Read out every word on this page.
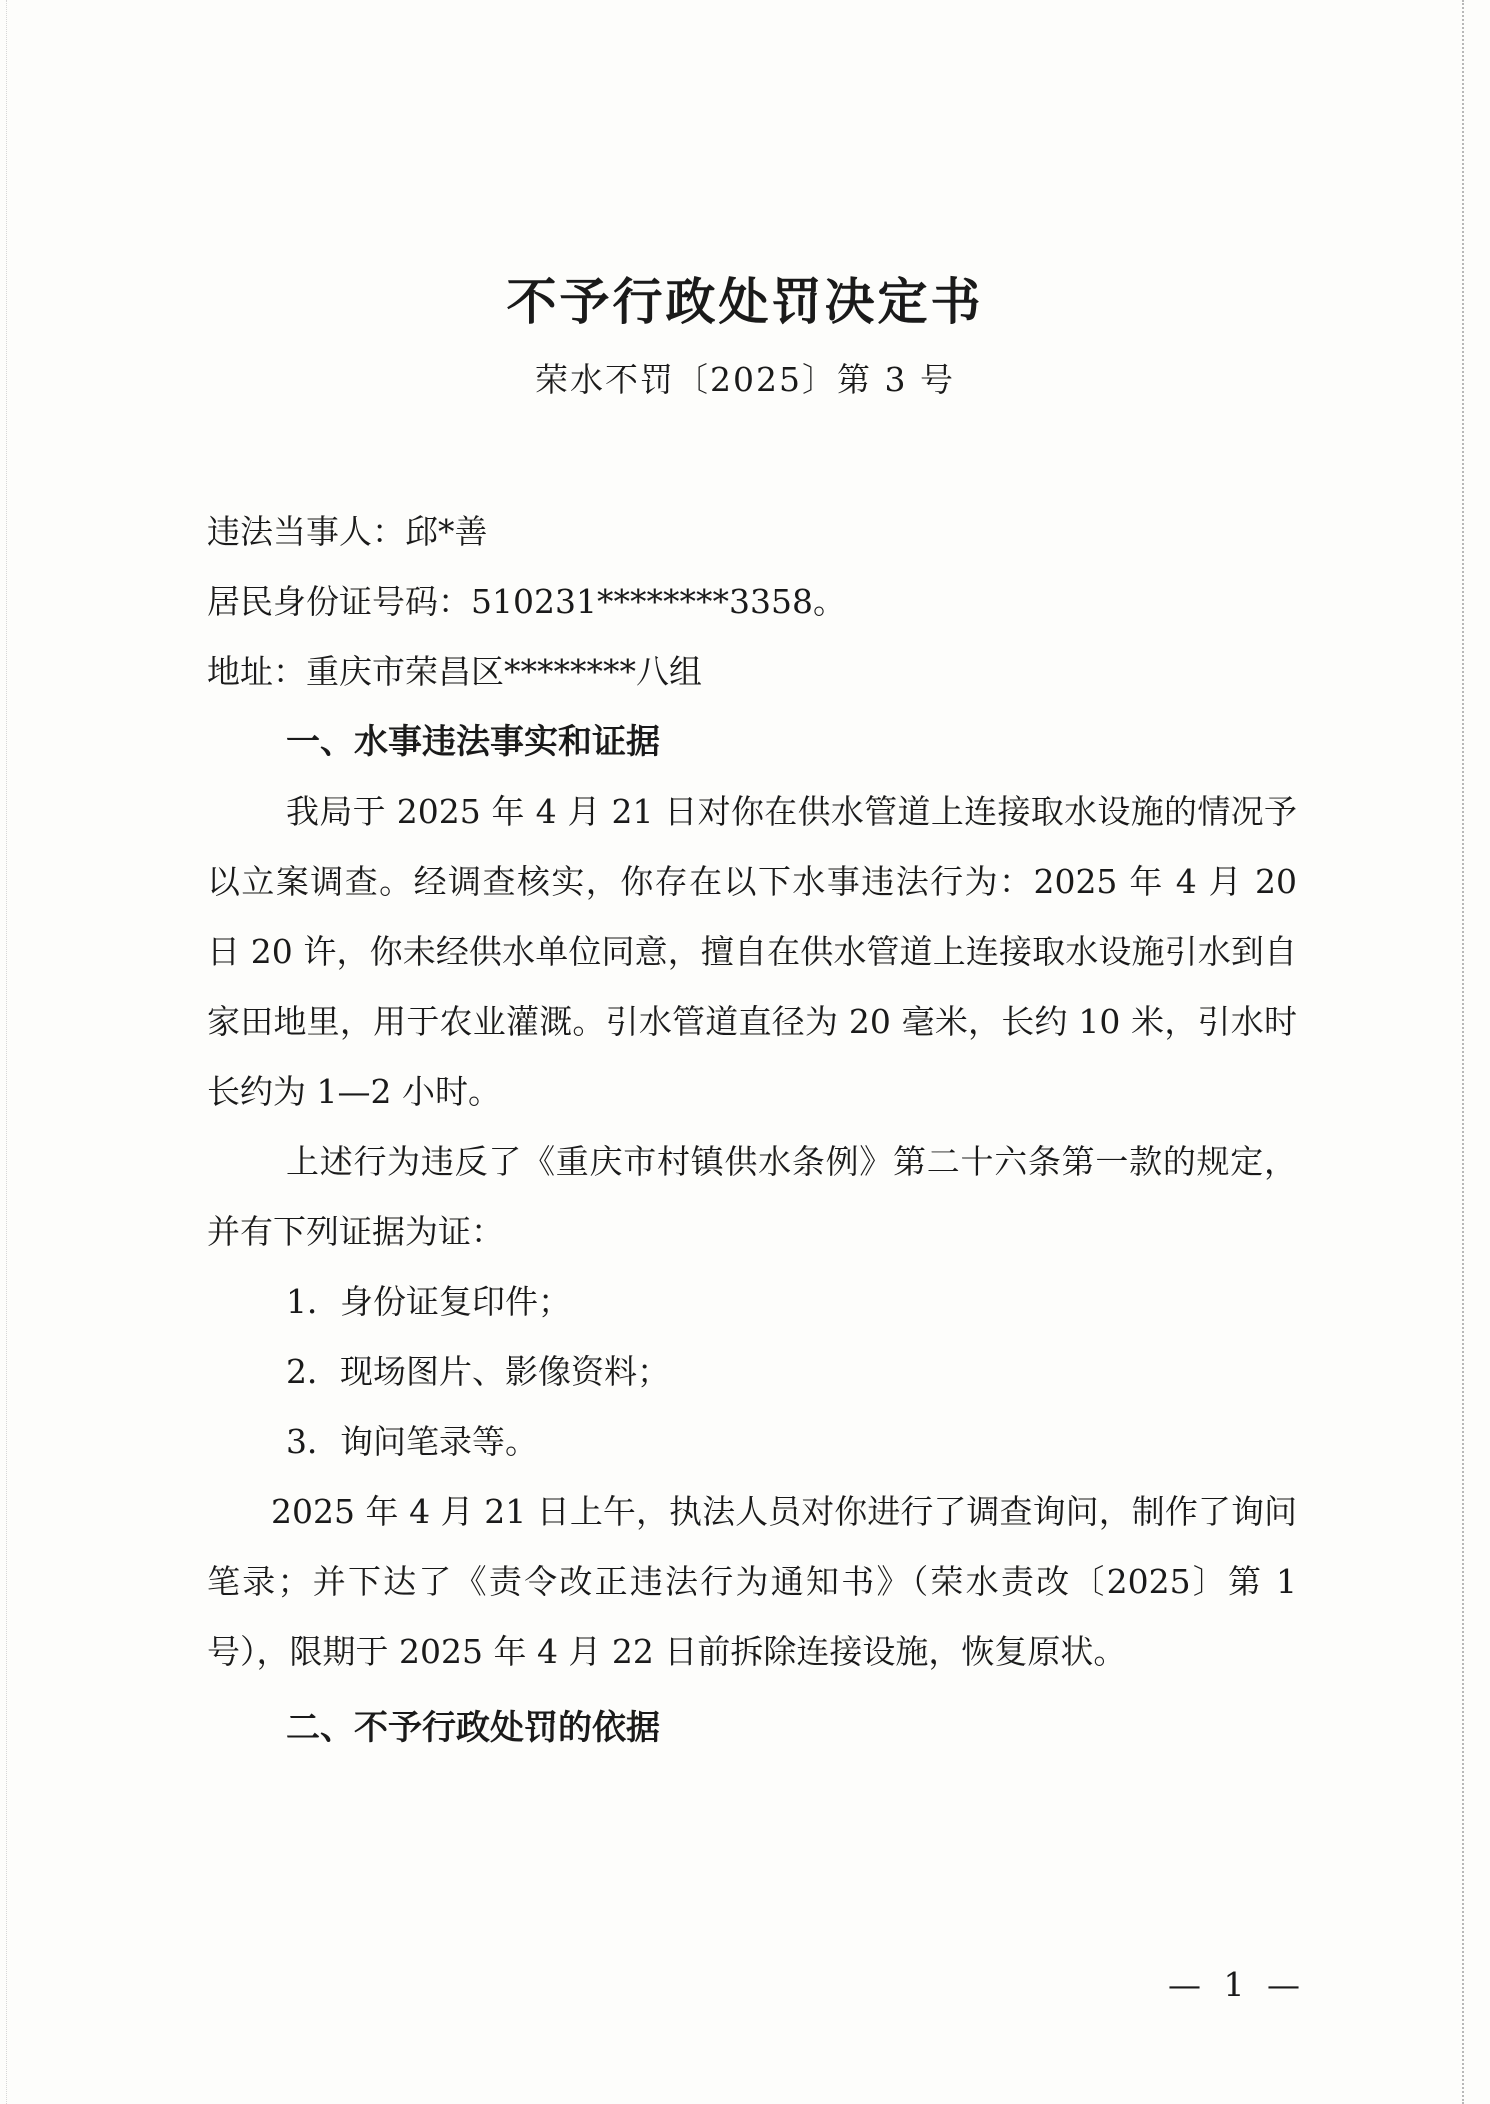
不予行政处罚决定书
荣水不罚〔2025〕第 3 号
违法当事人：邱*善
居民身份证号码：510231********3358。
地址：重庆市荣昌区********八组
一、水事违法事实和证据
我局于 2025 年 4 月 21 日对你在供水管道上连接取水设施的情况予以立案调查。经调查核实，你存在以下水事违法行为：2025 年 4 月 20 日 20 许，你未经供水单位同意，擅自在供水管道上连接取水设施引水到自家田地里，用于农业灌溉。引水管道直径为 20 毫米，长约 10 米，引水时长约为 1—2 小时。
上述行为违反了《重庆市村镇供水条例》第二十六条第一款的规定，并有下列证据为证：
1．身份证复印件；
2．现场图片、影像资料；
3．询问笔录等。
2025 年 4 月 21 日上午，执法人员对你进行了调查询问，制作了询问笔录；并下达了《责令改正违法行为通知书》（荣水责改〔2025〕第 1 号），限期于 2025 年 4 月 22 日前拆除连接设施，恢复原状。
二、不予行政处罚的依据
— 1 —
